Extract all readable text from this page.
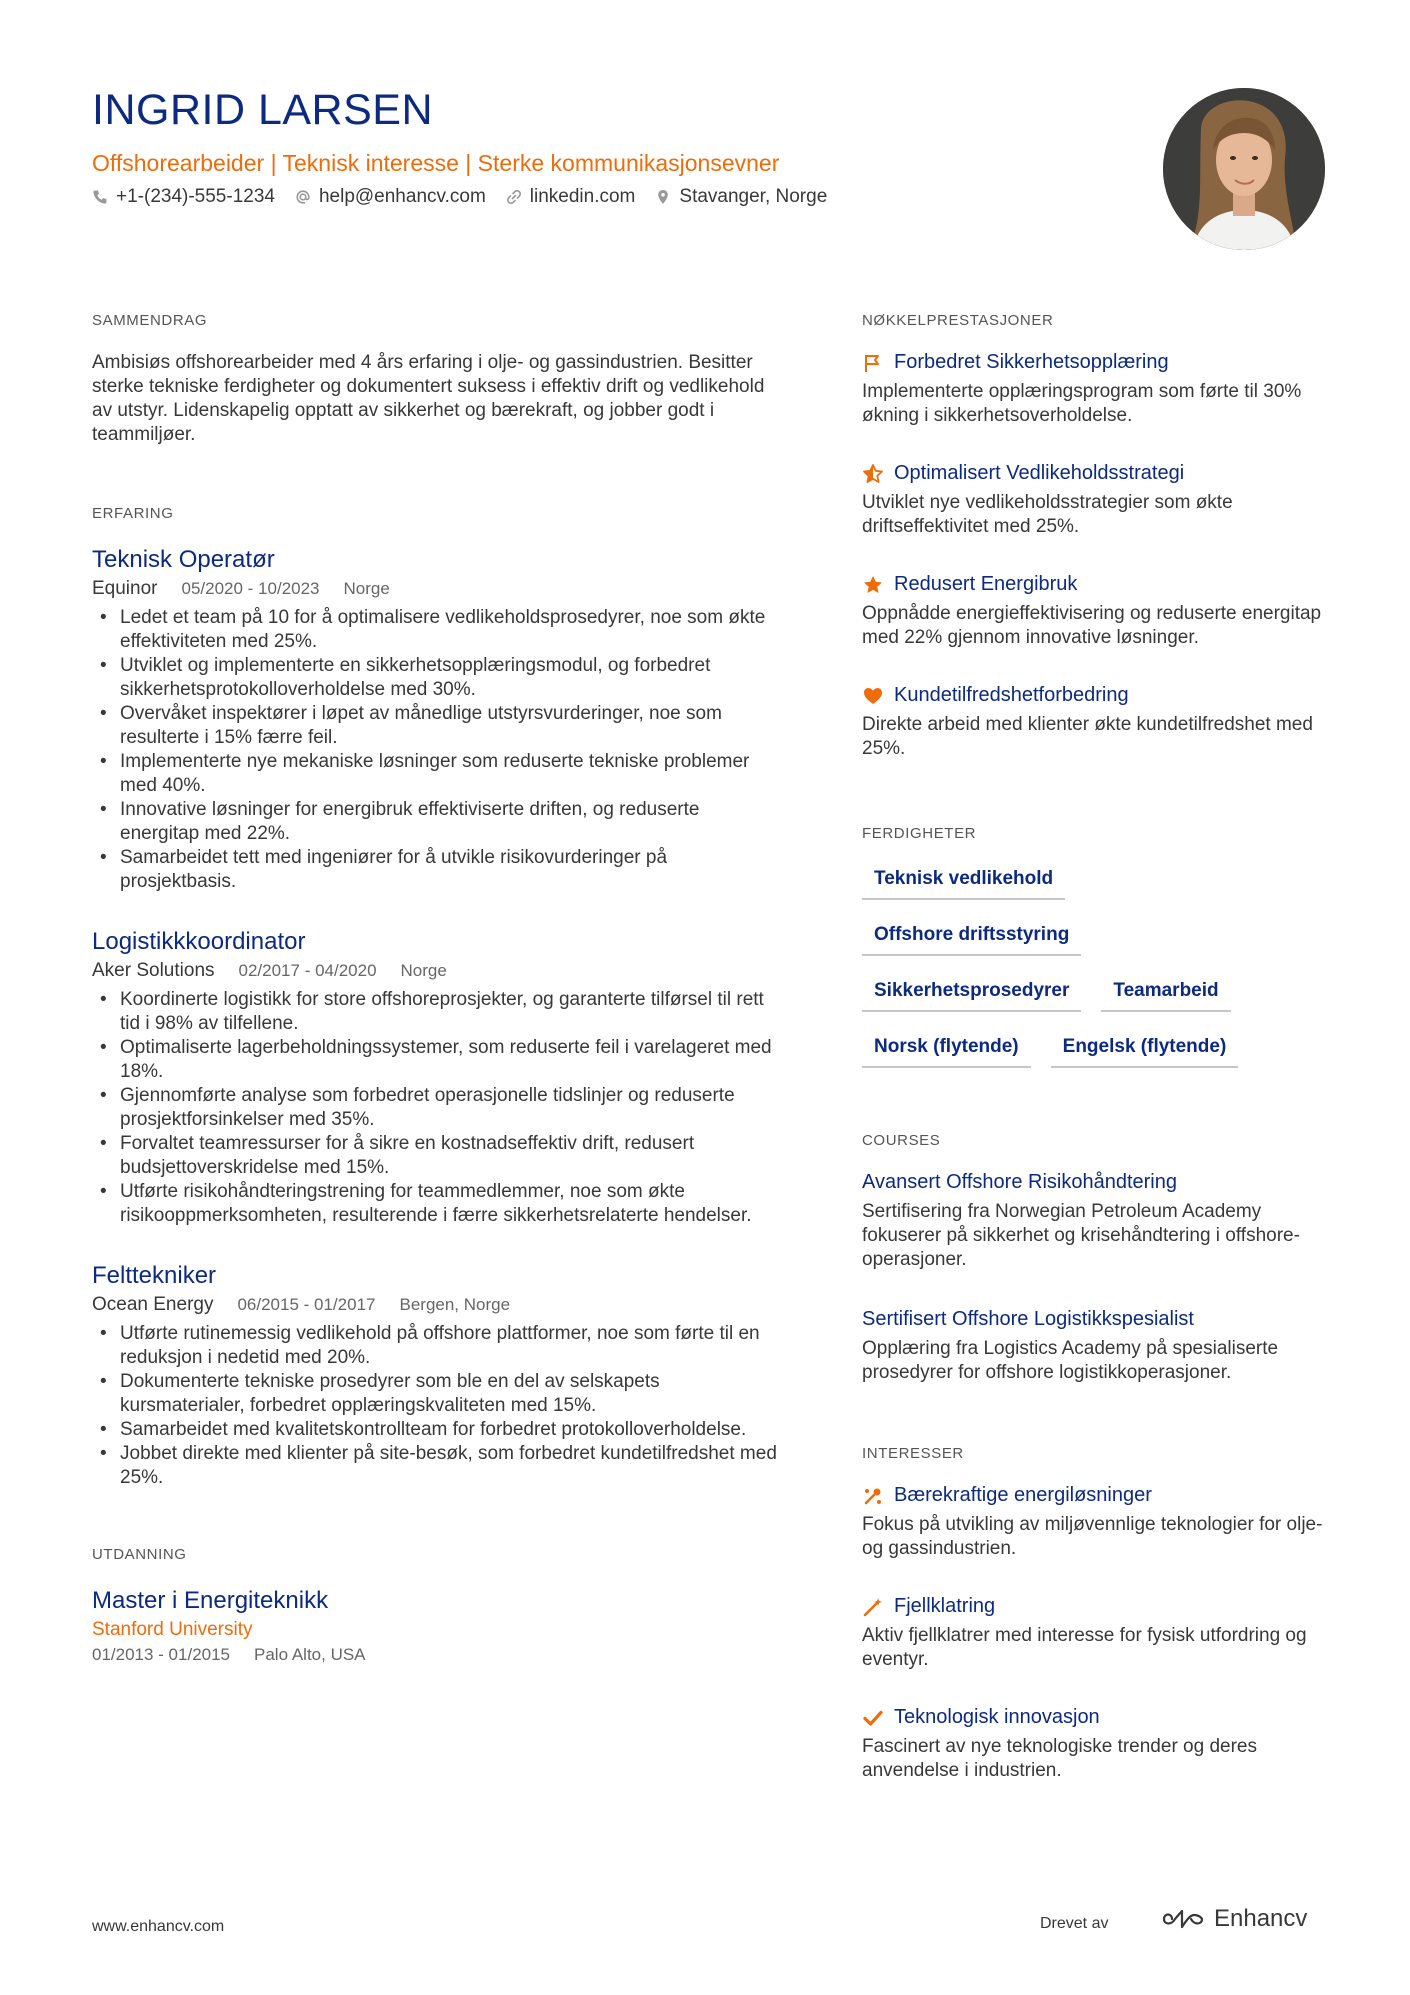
INGRID LARSEN
Offshorearbeider | Teknisk interesse | Sterke kommunikasjonsevner
+1-(234)-555-1234 help@enhancv.com linkedin.com Stavanger, Norge
SAMMENDRAG
Ambisiøs offshorearbeider med 4 års erfaring i olje- og gassindustrien. Besitter sterke tekniske ferdigheter og dokumentert suksess i effektiv drift og vedlikehold av utstyr. Lidenskapelig opptatt av sikkerhet og bærekraft, og jobber godt i teammiljøer.
ERFARING
Teknisk Operatør
Equinor 05/2020 - 10/2023 Norge
• Ledet et team på 10 for å optimalisere vedlikeholdsprosedyrer, noe som økte effektiviteten med 25%.
• Utviklet og implementerte en sikkerhetsopplæringsmodul, og forbedret sikkerhetsprotokolloverholdelse med 30%.
• Overvåket inspektører i løpet av månedlige utstyrsvurderinger, noe som resulterte i 15% færre feil.
• Implementerte nye mekaniske løsninger som reduserte tekniske problemer med 40%.
• Innovative løsninger for energibruk effektiviserte driften, og reduserte energitap med 22%.
• Samarbeidet tett med ingeniører for å utvikle risikovurderinger på prosjektbasis.
Logistikkkoordinator
Aker Solutions 02/2017 - 04/2020 Norge
• Koordinerte logistikk for store offshoreprosjekter, og garanterte tilførsel til rett tid i 98% av tilfellene.
• Optimaliserte lagerbeholdningssystemer, som reduserte feil i varelageret med 18%.
• Gjennomførte analyse som forbedret operasjonelle tidslinjer og reduserte prosjektforsinkelser med 35%.
• Forvaltet teamressurser for å sikre en kostnadseffektiv drift, redusert budsjettoverskridelse med 15%.
• Utførte risikohåndteringstrening for teammedlemmer, noe som økte risikooppmerksomheten, resulterende i færre sikkerhetsrelaterte hendelser.
Felttekniker
Ocean Energy 06/2015 - 01/2017 Bergen, Norge
• Utførte rutinemessig vedlikehold på offshore plattformer, noe som førte til en reduksjon i nedetid med 20%.
• Dokumenterte tekniske prosedyrer som ble en del av selskapets kursmaterialer, forbedret opplæringskvaliteten med 15%.
• Samarbeidet med kvalitetskontrollteam for forbedret protokolloverholdelse.
• Jobbet direkte med klienter på site-besøk, som forbedret kundetilfredshet med 25%.
UTDANNING
Master i Energiteknikk
Stanford University
01/2013 - 01/2015 Palo Alto, USA
NØKKELPRESTASJONER
Forbedret Sikkerhetsopplæring
Implementerte opplæringsprogram som førte til 30% økning i sikkerhetsoverholdelse.
Optimalisert Vedlikeholdsstrategi
Utviklet nye vedlikeholdsstrategier som økte driftseffektivitet med 25%.
Redusert Energibruk
Oppnådde energieffektivisering og reduserte energitap med 22% gjennom innovative løsninger.
Kundetilfredshetforbedring
Direkte arbeid med klienter økte kundetilfredshet med 25%.
FERDIGHETER
Teknisk vedlikehold
Offshore driftsstyring
Sikkerhetsprosedyrer	Teamarbeid
Norsk (flytende)	Engelsk (flytende)
COURSES
Avansert Offshore Risikohåndtering
Sertifisering fra Norwegian Petroleum Academy fokuserer på sikkerhet og krisehåndtering i offshore-operasjoner.
Sertifisert Offshore Logistikkspesialist
Opplæring fra Logistics Academy på spesialiserte prosedyrer for offshore logistikkoperasjoner.
INTERESSER
Bærekraftige energiløsninger
Fokus på utvikling av miljøvennlige teknologier for olje- og gassindustrien.
Fjellklatring
Aktiv fjellklatrer med interesse for fysisk utfordring og eventyr.
Teknologisk innovasjon
Fascinert av nye teknologiske trender og deres anvendelse i industrien.
www.enhancv.com	Drevet av	Enhancv
